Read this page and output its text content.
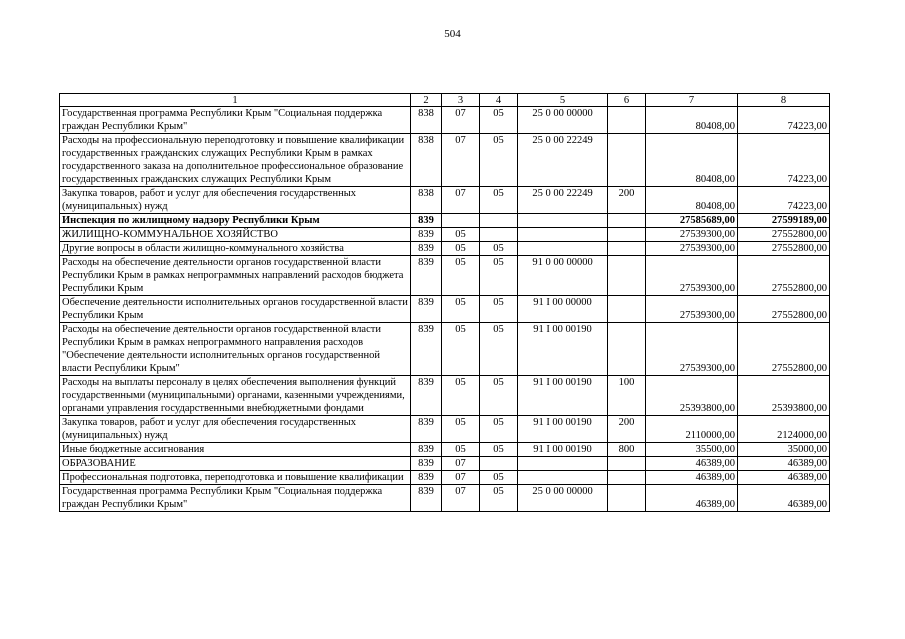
504
1	2	3	4	5	6	7	8
Государственная программа Республики Крым "Социальная поддержка граждан Республики Крым"	838	07	05	25 0 00 00000		80408,00	74223,00
Расходы на профессиональную переподготовку и повышение квалификации государственных гражданских служащих Республики Крым в рамках государственного заказа на дополнительное профессиональное образование государственных гражданских служащих Республики Крым	838	07	05	25 0 00 22249		80408,00	74223,00
Закупка товаров, работ и услуг для обеспечения государственных (муниципальных) нужд	838	07	05	25 0 00 22249	200	80408,00	74223,00
Инспекция по жилищному надзору Республики Крым	839					27585689,00	27599189,00
ЖИЛИЩНО-КОММУНАЛЬНОЕ ХОЗЯЙСТВО	839	05				27539300,00	27552800,00
Другие вопросы в области жилищно-коммунального хозяйства	839	05	05			27539300,00	27552800,00
Расходы на обеспечение деятельности органов государственной власти Республики Крым в рамках непрограммных направлений расходов бюджета Республики Крым	839	05	05	91 0 00 00000		27539300,00	27552800,00
Обеспечение деятельности исполнительных органов государственной власти Республики Крым	839	05	05	91 I 00 00000		27539300,00	27552800,00
Расходы на обеспечение деятельности органов государственной власти Республики Крым в рамках непрограммного направления расходов "Обеспечение деятельности исполнительных органов государственной власти Республики Крым"	839	05	05	91 I 00 00190		27539300,00	27552800,00
Расходы на выплаты персоналу в целях обеспечения выполнения функций государственными (муниципальными) органами, казенными учреждениями, органами управления государственными внебюджетными фондами	839	05	05	91 I 00 00190	100	25393800,00	25393800,00
Закупка товаров, работ и услуг для обеспечения государственных (муниципальных) нужд	839	05	05	91 I 00 00190	200	2110000,00	2124000,00
Иные бюджетные ассигнования	839	05	05	91 I 00 00190	800	35500,00	35000,00
ОБРАЗОВАНИЕ	839	07				46389,00	46389,00
Профессиональная подготовка, переподготовка и повышение квалификации	839	07	05			46389,00	46389,00
Государственная программа Республики Крым "Социальная поддержка граждан Республики Крым"	839	07	05	25 0 00 00000		46389,00	46389,00
